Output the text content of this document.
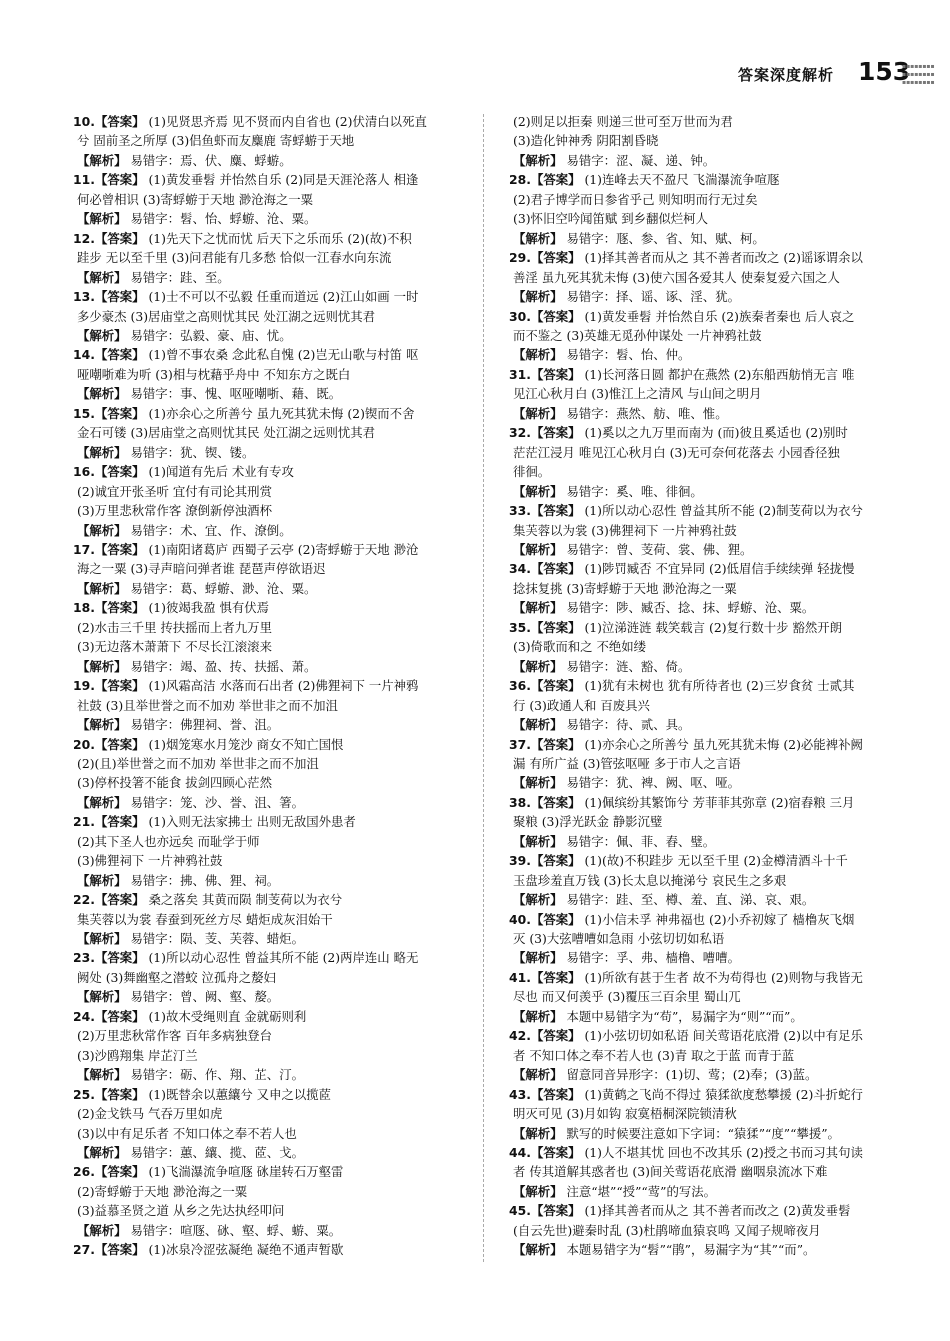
答案深度解析 153
▪▪▪▪▪▪▪▪
▪▪▪▪▪▪▪▪
▪▪▪▪▪▪▪▪
10.【答案】 (1)见贤思齐焉 见不贤而内自省也 (2)伏清白以死直
兮 固前圣之所厚 (3)侣鱼虾而友麋鹿 寄蜉蝣于天地
【解析】 易错字：焉、伏、麋、蜉蝣。
11.【答案】 (1)黄发垂髫 并怡然自乐 (2)同是天涯沦落人 相逢
何必曾相识 (3)寄蜉蝣于天地 渺沧海之一粟
【解析】 易错字：髫、怡、蜉蝣、沧、粟。
12.【答案】 (1)先天下之忧而忧 后天下之乐而乐 (2)(故)不积
跬步 无以至千里 (3)问君能有几多愁 恰似一江春水向东流
【解析】 易错字：跬、至。
13.【答案】 (1)士不可以不弘毅 任重而道远 (2)江山如画 一时
多少豪杰 (3)居庙堂之高则忧其民 处江湖之远则忧其君
【解析】 易错字：弘毅、豪、庙、忧。
14.【答案】 (1)曾不事农桑 念此私自愧 (2)岂无山歌与村笛 呕
哑嘲哳难为听 (3)相与枕藉乎舟中 不知东方之既白
【解析】 易错字：事、愧、呕哑嘲哳、藉、既。
15.【答案】 (1)亦余心之所善兮 虽九死其犹未悔 (2)锲而不舍
金石可镂 (3)居庙堂之高则忧其民 处江湖之远则忧其君
【解析】 易错字：犹、锲、镂。
16.【答案】 (1)闻道有先后 术业有专攻
(2)诚宜开张圣听 宜付有司论其刑赏
(3)万里悲秋常作客 潦倒新停浊酒杯
【解析】 易错字：术、宜、作、潦倒。
17.【答案】 (1)南阳诸葛庐 西蜀子云亭 (2)寄蜉蝣于天地 渺沧
海之一粟 (3)寻声暗问弹者谁 琵琶声停欲语迟
【解析】 易错字：葛、蜉蝣、渺、沧、粟。
18.【答案】 (1)彼竭我盈 惧有伏焉
(2)水击三千里 抟扶摇而上者九万里
(3)无边落木萧萧下 不尽长江滚滚来
【解析】 易错字：竭、盈、抟、扶摇、萧。
19.【答案】 (1)风霜高洁 水落而石出者 (2)佛狸祠下 一片神鸦
社鼓 (3)且举世誉之而不加劝 举世非之而不加沮
【解析】 易错字：佛狸祠、誉、沮。
20.【答案】 (1)烟笼寒水月笼沙 商女不知亡国恨
(2)(且)举世誉之而不加劝 举世非之而不加沮
(3)停杯投箸不能食 拔剑四顾心茫然
【解析】 易错字：笼、沙、誉、沮、箸。
21.【答案】 (1)入则无法家拂士 出则无敌国外患者
(2)其下圣人也亦远矣 而耻学于师
(3)佛狸祠下 一片神鸦社鼓
【解析】 易错字：拂、佛、狸、祠。
22.【答案】 桑之落矣 其黄而陨 制芰荷以为衣兮
集芙蓉以为裳 春蚕到死丝方尽 蜡炬成灰泪始干
【解析】 易错字：陨、芰、芙蓉、蜡炬。
23.【答案】 (1)所以动心忍性 曾益其所不能 (2)两岸连山 略无
阙处 (3)舞幽壑之潜蛟 泣孤舟之嫠妇
【解析】 易错字：曾、阙、壑、嫠。
24.【答案】 (1)故木受绳则直 金就砺则利
(2)万里悲秋常作客 百年多病独登台
(3)沙鸥翔集 岸芷汀兰
【解析】 易错字：砺、作、翔、芷、汀。
25.【答案】 (1)既替余以蕙纕兮 又申之以揽茝
(2)金戈铁马 气吞万里如虎
(3)以中有足乐者 不知口体之奉不若人也
【解析】 易错字：蕙、纕、揽、茝、戈。
26.【答案】 (1)飞湍瀑流争喧豗 砯崖转石万壑雷
(2)寄蜉蝣于天地 渺沧海之一粟
(3)益慕圣贤之道 从乡之先达执经叩问
【解析】 易错字：喧豗、砯、壑、蜉、蝣、粟。
27.【答案】 (1)冰泉冷涩弦凝绝 凝绝不通声暂歇
(2)则足以拒秦 则递三世可至万世而为君
(3)造化钟神秀 阴阳割昏晓
【解析】 易错字：涩、凝、递、钟。
28.【答案】 (1)连峰去天不盈尺 飞湍瀑流争喧豗
(2)君子博学而日参省乎己 则知明而行无过矣
(3)怀旧空吟闻笛赋 到乡翻似烂柯人
【解析】 易错字：豗、参、省、知、赋、柯。
29.【答案】 (1)择其善者而从之 其不善者而改之 (2)谣诼谓余以
善淫 虽九死其犹未悔 (3)使六国各爱其人 使秦复爱六国之人
【解析】 易错字：择、谣、诼、淫、犹。
30.【答案】 (1)黄发垂髫 并怡然自乐 (2)族秦者秦也 后人哀之
而不鉴之 (3)英雄无觅孙仲谋处 一片神鸦社鼓
【解析】 易错字：髫、怡、仲。
31.【答案】 (1)长河落日圆 都护在燕然 (2)东船西舫悄无言 唯
见江心秋月白 (3)惟江上之清风 与山间之明月
【解析】 易错字：燕然、舫、唯、惟。
32.【答案】 (1)奚以之九万里而南为 (而)彼且奚适也 (2)别时
茫茫江浸月 唯见江心秋月白 (3)无可奈何花落去 小园香径独
徘徊。
【解析】 易错字：奚、唯、徘徊。
33.【答案】 (1)所以动心忍性 曾益其所不能 (2)制芰荷以为衣兮
集芙蓉以为裳 (3)佛狸祠下 一片神鸦社鼓
【解析】 易错字：曾、芰荷、裳、佛、狸。
34.【答案】 (1)陟罚臧否 不宜异同 (2)低眉信手续续弹 轻拢慢
捻抹复挑 (3)寄蜉蝣于天地 渺沧海之一粟
【解析】 易错字：陟、臧否、捻、抹、蜉蝣、沧、粟。
35.【答案】 (1)泣涕涟涟 载笑载言 (2)复行数十步 豁然开朗
(3)倚歌而和之 不绝如缕
【解析】 易错字：涟、豁、倚。
36.【答案】 (1)犹有未树也 犹有所待者也 (2)三岁食贫 士贰其
行 (3)政通人和 百废具兴
【解析】 易错字：待、贰、具。
37.【答案】 (1)亦余心之所善兮 虽九死其犹未悔 (2)必能裨补阙
漏 有所广益 (3)管弦呕哑 多于市人之言语
【解析】 易错字：犹、裨、阙、呕、哑。
38.【答案】 (1)佩缤纷其繁饰兮 芳菲菲其弥章 (2)宿舂粮 三月
聚粮 (3)浮光跃金 静影沉璧
【解析】 易错字：佩、菲、舂、璧。
39.【答案】 (1)(故)不积跬步 无以至千里 (2)金樽清酒斗十千
玉盘珍羞直万钱 (3)长太息以掩涕兮 哀民生之多艰
【解析】 易错字：跬、至、樽、羞、直、涕、哀、艰。
40.【答案】 (1)小信未孚 神弗福也 (2)小乔初嫁了 樯橹灰飞烟
灭 (3)大弦嘈嘈如急雨 小弦切切如私语
【解析】 易错字：孚、弗、樯橹、嘈嘈。
41.【答案】 (1)所欲有甚于生者 故不为苟得也 (2)则物与我皆无
尽也 而又何羡乎 (3)覆压三百余里 蜀山兀
【解析】 本题中易错字为“苟”，易漏字为“则”“而”。
42.【答案】 (1)小弦切切如私语 间关莺语花底滑 (2)以中有足乐
者 不知口体之奉不若人也 (3)青 取之于蓝 而青于蓝
【解析】 留意同音异形字：(1)切、莺；(2)奉；(3)蓝。
43.【答案】 (1)黄鹤之飞尚不得过 猿猱欲度愁攀援 (2)斗折蛇行
明灭可见 (3)月如钩 寂寞梧桐深院锁清秋
【解析】 默写的时候要注意如下字词：“猿猱”“度”“攀援”。
44.【答案】 (1)人不堪其忧 回也不改其乐 (2)授之书而习其句读
者 传其道解其惑者也 (3)间关莺语花底滑 幽咽泉流冰下难
【解析】 注意“堪”“授”“莺”的写法。
45.【答案】 (1)择其善者而从之 其不善者而改之 (2)黄发垂髫
(自云先世)避秦时乱 (3)杜鹃啼血猿哀鸣 又闻子规啼夜月
【解析】 本题易错字为“髫”“鹃”，易漏字为“其”“而”。
